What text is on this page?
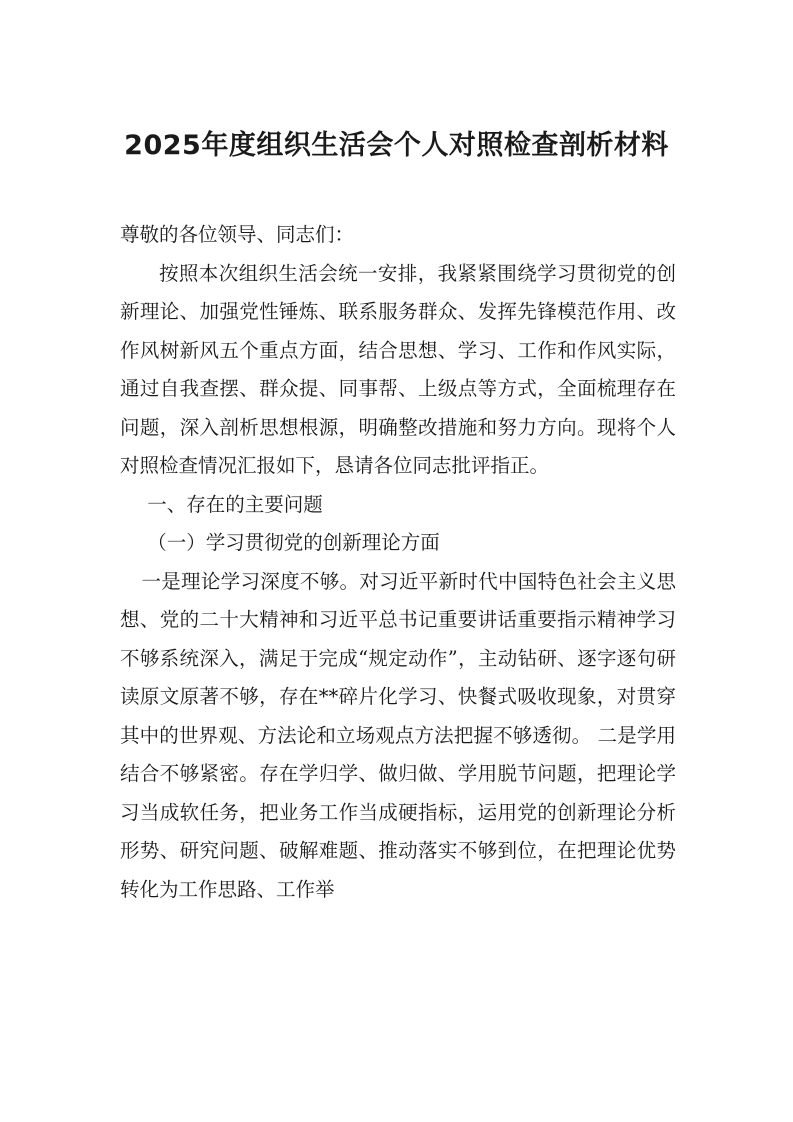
2025年度组织生活会个人对照检查剖析材料

尊敬的各位领导、同志们：

按照本次组织生活会统一安排，我紧紧围绕学习贯彻党的创新理论、加强党性锤炼、联系服务群众、发挥先锋模范作用、改作风树新风五个重点方面，结合思想、学习、工作和作风实际，通过自我查摆、群众提、同事帮、上级点等方式，全面梳理存在问题，深入剖析思想根源，明确整改措施和努力方向。现将个人对照检查情况汇报如下，恳请各位同志批评指正。

一、存在的主要问题

（一）学习贯彻党的创新理论方面

一是理论学习深度不够。对习近平新时代中国特色社会主义思想、党的二十大精神和习近平总书记重要讲话重要指示精神学习不够系统深入，满足于完成“规定动作”，主动钻研、逐字逐句研读原文原著不够，存在**碎片化学习、快餐式吸收现象，对贯穿其中的世界观、方法论和立场观点方法把握不够透彻。 二是学用结合不够紧密。存在学归学、做归做、学用脱节问题，把理论学习当成软任务，把业务工作当成硬指标，运用党的创新理论分析形势、研究问题、破解难题、推动落实不够到位，在把理论优势转化为工作思路、工作举
